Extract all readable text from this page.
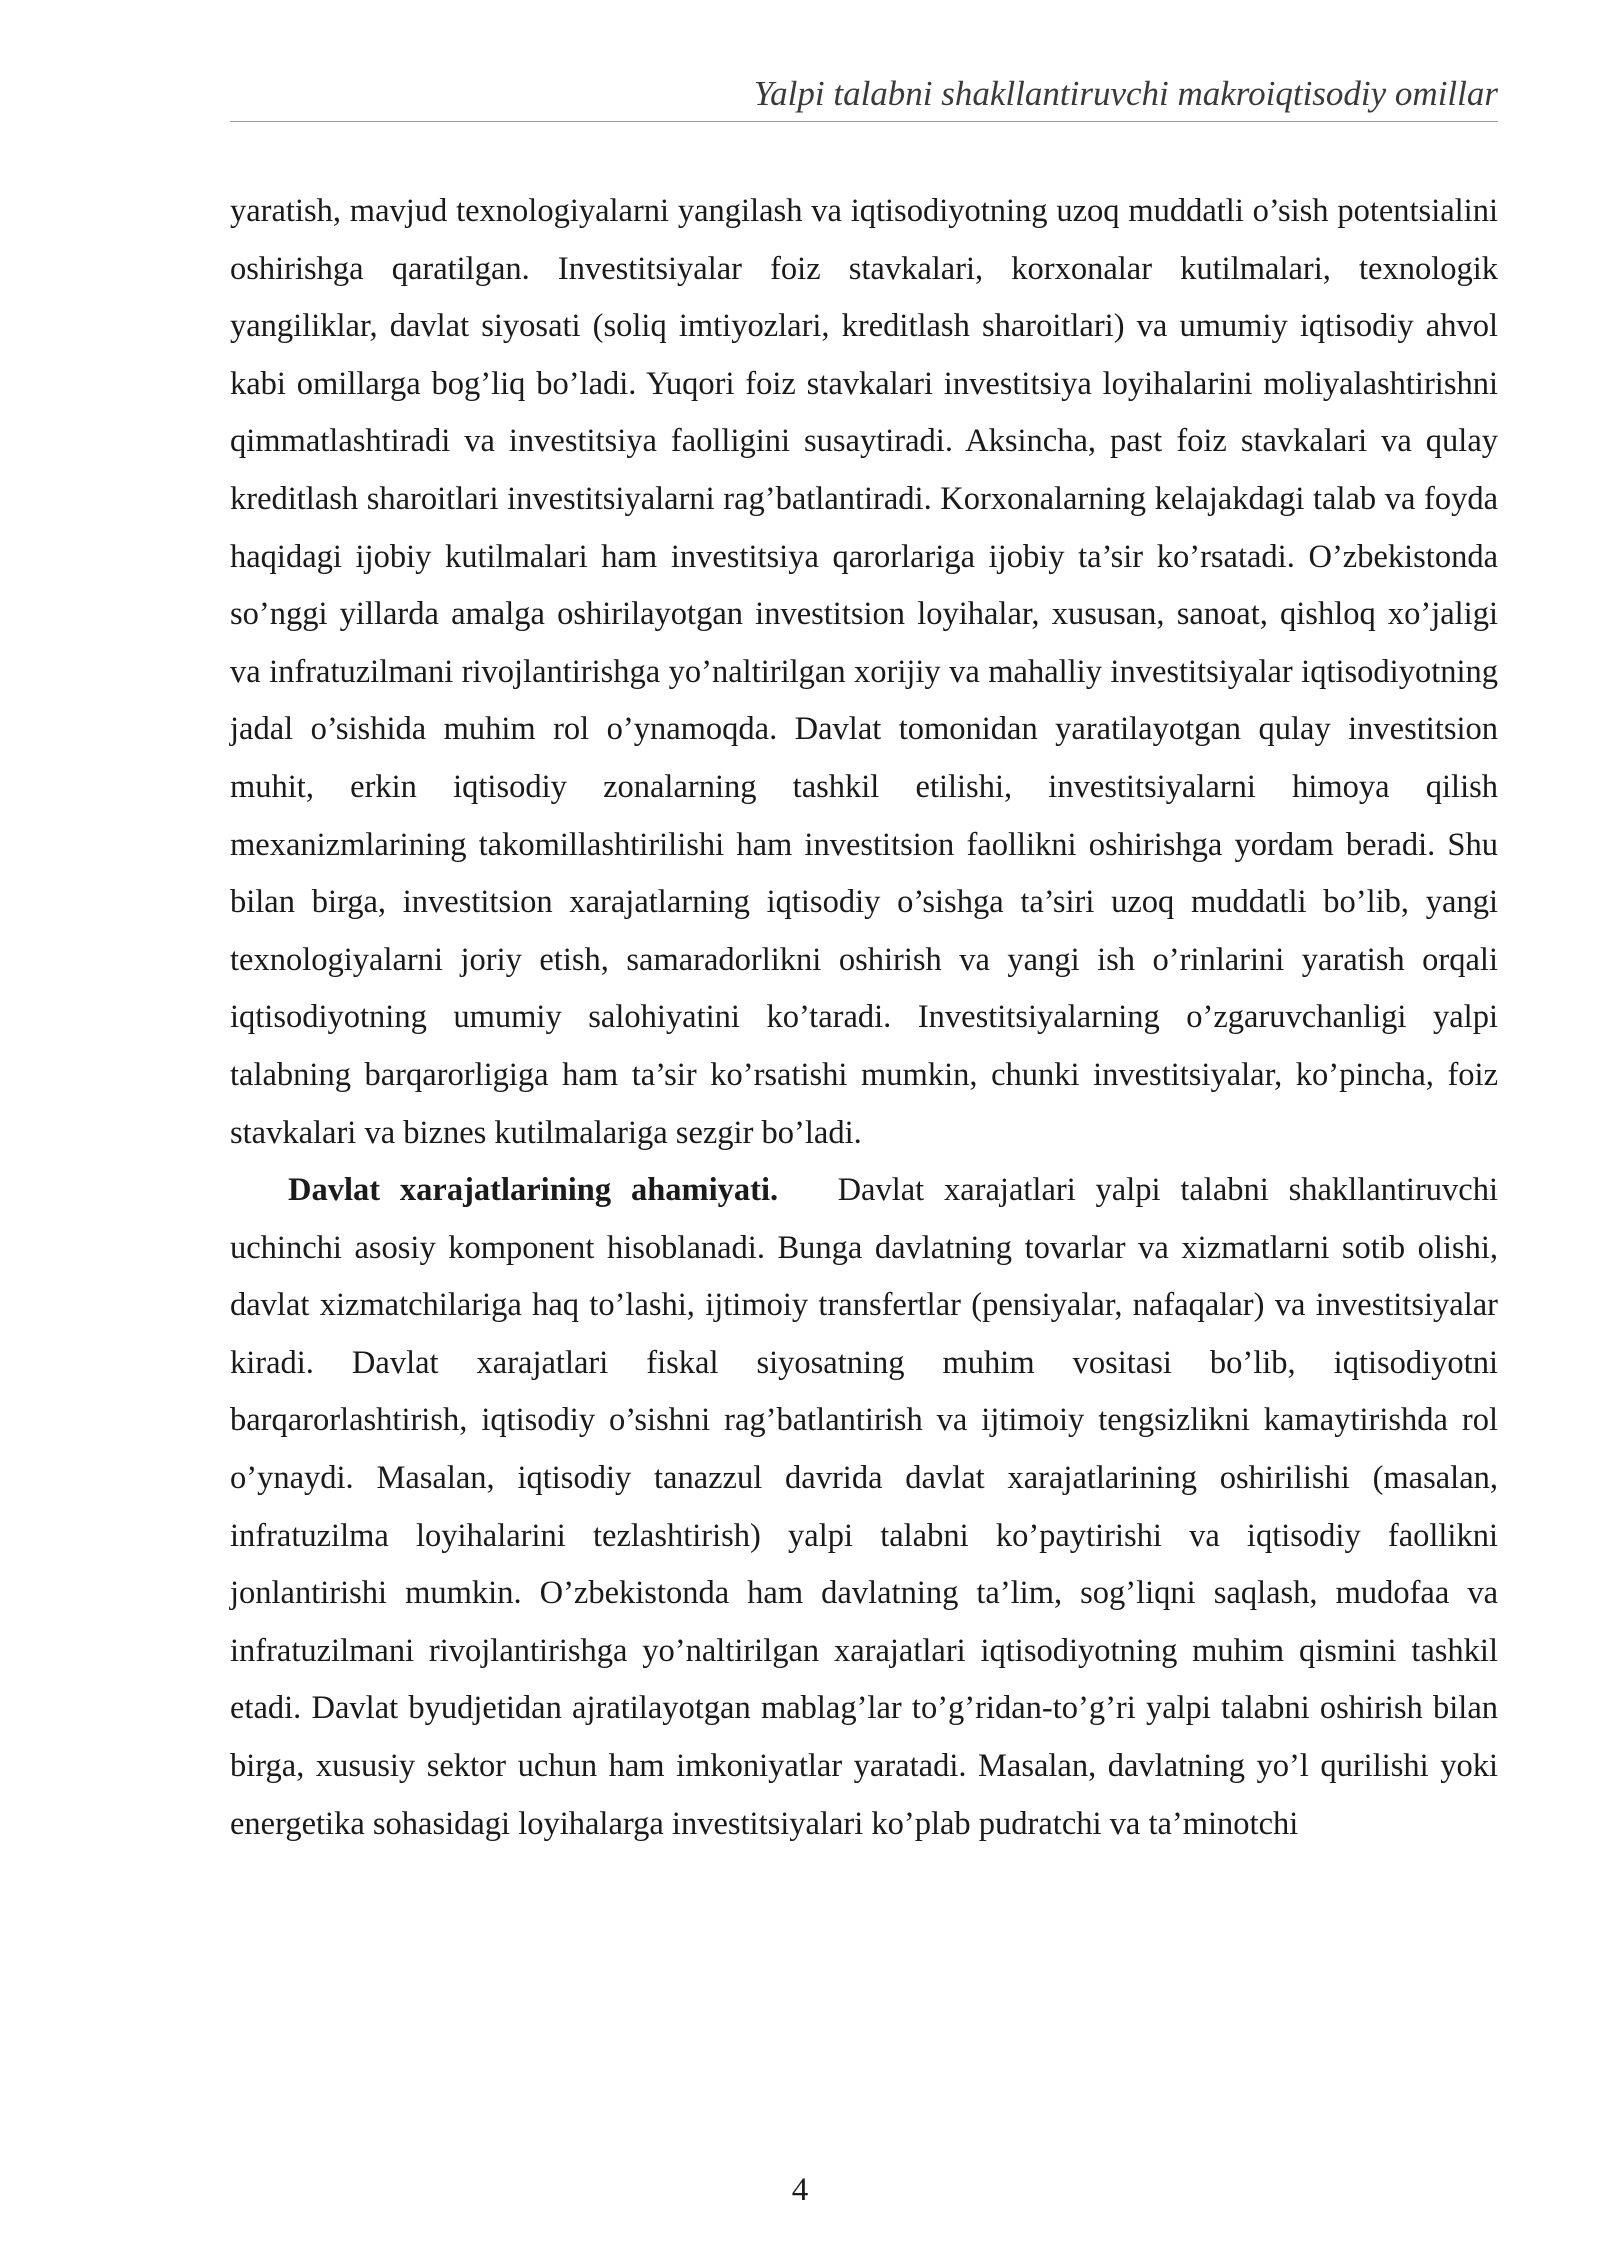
Yalpi talabni shakllantiruvchi makroiqtisodiy omillar

yaratish, mavjud texnologiyalarni yangilash va iqtisodiyotning uzoq muddatli o’sish potentsialini oshirishga qaratilgan. Investitsiyalar foiz stavkalari, korxonalar kutilmalari, texnologik yangiliklar, davlat siyosati (soliq imtiyozlari, kreditlash sharoitlari) va umumiy iqtisodiy ahvol kabi omillarga bog’liq bo’ladi. Yuqori foiz stavkalari investitsiya loyihalarini moliyalashtirishni qimmatlashtiradi va investitsiya faolligini susaytiradi. Aksincha, past foiz stavkalari va qulay kreditlash sharoitlari investitsiyalarni rag’batlantiradi. Korxonalarning kelajakdagi talab va foyda haqidagi ijobiy kutilmalari ham investitsiya qarorlariga ijobiy ta’sir ko’rsatadi. O’zbekistonda so’nggi yillarda amalga oshirilayotgan investitsion loyihalar, xususan, sanoat, qishloq xo’jaligi va infratuzilmani rivojlantirishga yo’naltirilgan xorijiy va mahalliy investitsiyalar iqtisodiyotning jadal o’sishida muhim rol o’ynamoqda. Davlat tomonidan yaratilayotgan qulay investitsion muhit, erkin iqtisodiy zonalarning tashkil etilishi, investitsiyalarni himoya qilish mexanizmlarining takomillashtirilishi ham investitsion faollikni oshirishga yordam beradi. Shu bilan birga, investitsion xarajatlarning iqtisodiy o’sishga ta’siri uzoq muddatli bo’lib, yangi texnologiyalarni joriy etish, samaradorlikni oshirish va yangi ish o’rinlarini yaratish orqali iqtisodiyotning umumiy salohiyatini ko’taradi. Investitsiyalarning o’zgaruvchanligi yalpi talabning barqarorligiga ham ta’sir ko’rsatishi mumkin, chunki investitsiyalar, ko’pincha, foiz stavkalari va biznes kutilmalariga sezgir bo’ladi.

Davlat xarajatlarining ahamiyati. Davlat xarajatlari yalpi talabni shakllantiruvchi uchinchi asosiy komponent hisoblanadi. Bunga davlatning tovarlar va xizmatlarni sotib olishi, davlat xizmatchilariga haq to’lashi, ijtimoiy transfertlar (pensiyalar, nafaqalar) va investitsiyalar kiradi. Davlat xarajatlari fiskal siyosatning muhim vositasi bo’lib, iqtisodiyotni barqarorlashtirish, iqtisodiy o’sishni rag’batlantirish va ijtimoiy tengsizlikni kamaytirishda rol o’ynaydi. Masalan, iqtisodiy tanazzul davrida davlat xarajatlarining oshirilishi (masalan, infratuzilma loyihalarini tezlashtirish) yalpi talabni ko’paytirishi va iqtisodiy faollikni jonlantirishi mumkin. O’zbekistonda ham davlatning ta’lim, sog’liqni saqlash, mudofaa va infratuzilmani rivojlantirishga yo’naltirilgan xarajatlari iqtisodiyotning muhim qismini tashkil etadi. Davlat byudjetidan ajratilayotgan mablag’lar to’g’ridan-to’g’ri yalpi talabni oshirish bilan birga, xususiy sektor uchun ham imkoniyatlar yaratadi. Masalan, davlatning yo’l qurilishi yoki energetika sohasidagi loyihalarga investitsiyalari ko’plab pudratchi va ta’minotchi

4
